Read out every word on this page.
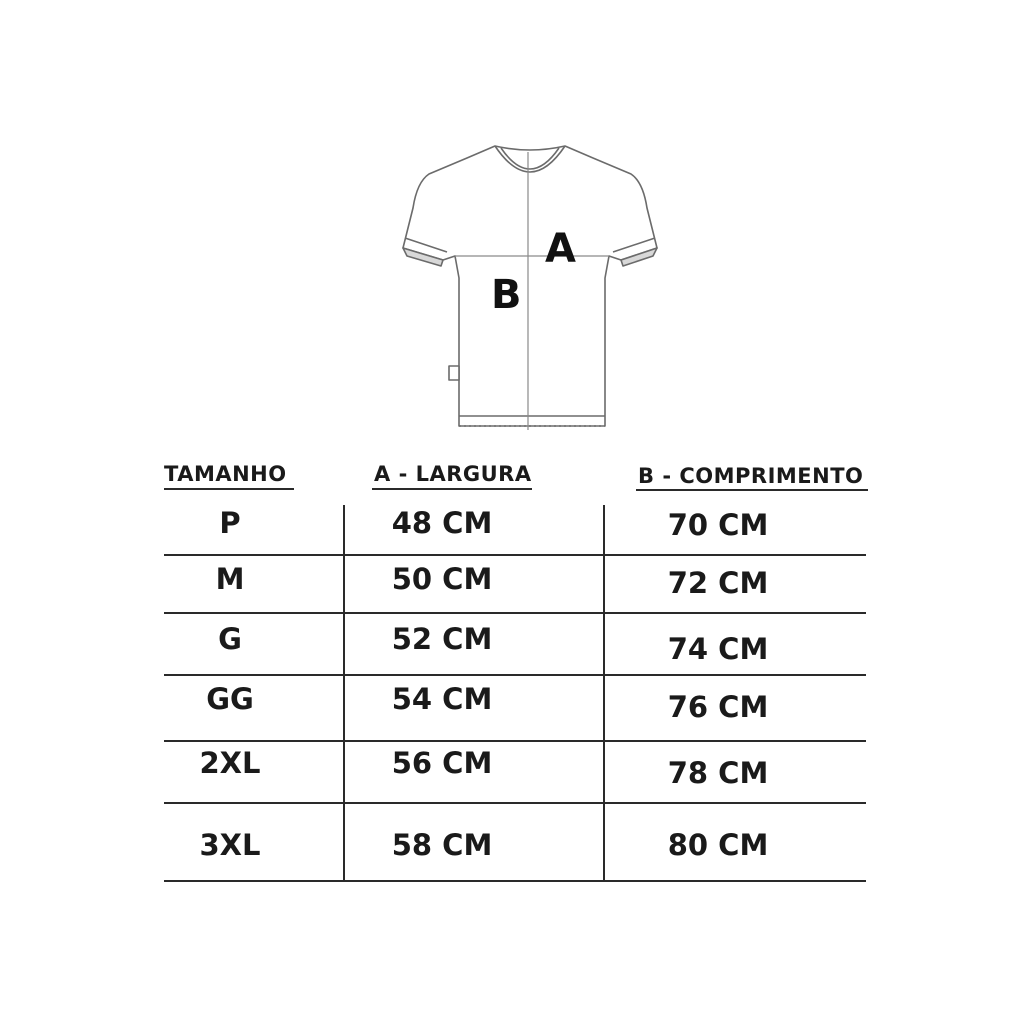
A
B
TAMANHO	A - LARGURA	B - COMPRIMENTO
P	48 CM	70 CM
M	50 CM	72 CM
G	52 CM	74 CM
GG	54 CM	76 CM
2XL	56 CM	78 CM
3XL	58 CM	80 CM
